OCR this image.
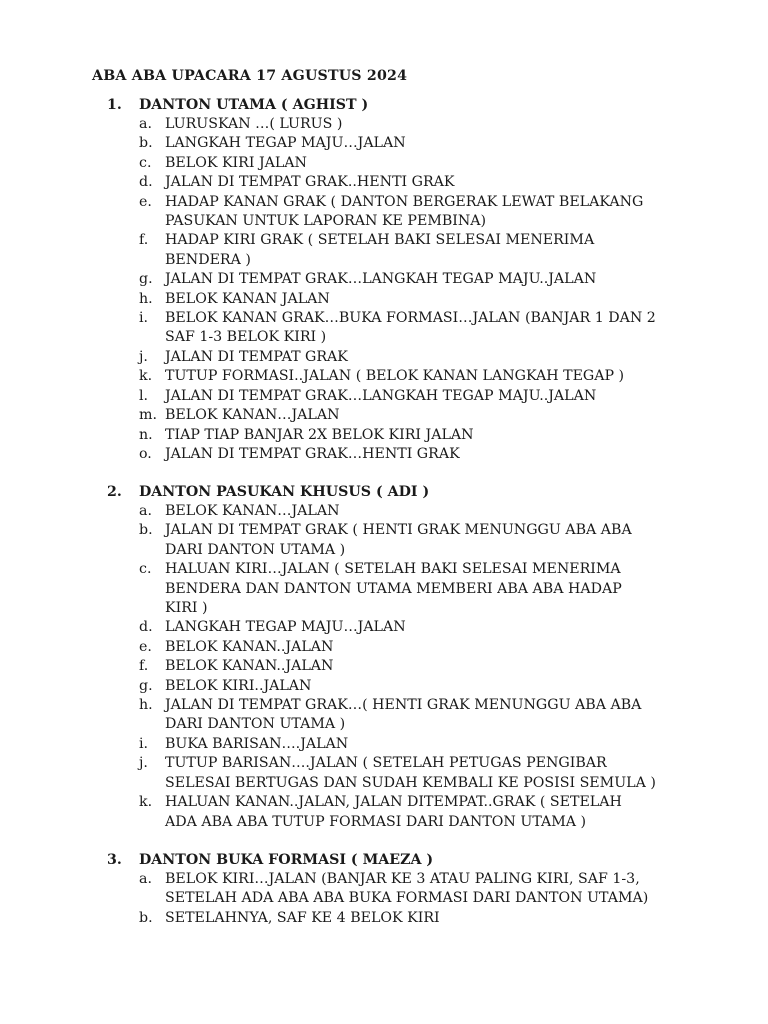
ABA ABA UPACARA 17 AGUSTUS 2024
1. DANTON UTAMA ( AGHIST )
a. LURUSKAN …( LURUS )
b. LANGKAH TEGAP MAJU…JALAN
c. BELOK KIRI JALAN
d. JALAN DI TEMPAT GRAK..HENTI GRAK
e. HADAP KANAN GRAK ( DANTON BERGERAK LEWAT BELAKANG
PASUKAN UNTUK LAPORAN KE PEMBINA)
f. HADAP KIRI GRAK ( SETELAH BAKI SELESAI MENERIMA
BENDERA )
g. JALAN DI TEMPAT GRAK…LANGKAH TEGAP MAJU..JALAN
h. BELOK KANAN JALAN
i. BELOK KANAN GRAK…BUKA FORMASI…JALAN (BANJAR 1 DAN 2
SAF 1-3 BELOK KIRI )
j. JALAN DI TEMPAT GRAK
k. TUTUP FORMASI..JALAN ( BELOK KANAN LANGKAH TEGAP )
l. JALAN DI TEMPAT GRAK…LANGKAH TEGAP MAJU..JALAN
m. BELOK KANAN…JALAN
n. TIAP TIAP BANJAR 2X BELOK KIRI JALAN
o. JALAN DI TEMPAT GRAK…HENTI GRAK
2. DANTON PASUKAN KHUSUS ( ADI )
a. BELOK KANAN…JALAN
b. JALAN DI TEMPAT GRAK ( HENTI GRAK MENUNGGU ABA ABA
DARI DANTON UTAMA )
c. HALUAN KIRI…JALAN ( SETELAH BAKI SELESAI MENERIMA
BENDERA DAN DANTON UTAMA MEMBERI ABA ABA HADAP
KIRI )
d. LANGKAH TEGAP MAJU…JALAN
e. BELOK KANAN..JALAN
f. BELOK KANAN..JALAN
g. BELOK KIRI..JALAN
h. JALAN DI TEMPAT GRAK…( HENTI GRAK MENUNGGU ABA ABA
DARI DANTON UTAMA )
i. BUKA BARISAN….JALAN
j. TUTUP BARISAN….JALAN ( SETELAH PETUGAS PENGIBAR
SELESAI BERTUGAS DAN SUDAH KEMBALI KE POSISI SEMULA )
k. HALUAN KANAN..JALAN, JALAN DITEMPAT..GRAK ( SETELAH
ADA ABA ABA TUTUP FORMASI DARI DANTON UTAMA )
3. DANTON BUKA FORMASI ( MAEZA )
a. BELOK KIRI…JALAN (BANJAR KE 3 ATAU PALING KIRI, SAF 1-3,
SETELAH ADA ABA ABA BUKA FORMASI DARI DANTON UTAMA)
b. SETELAHNYA, SAF KE 4 BELOK KIRI
